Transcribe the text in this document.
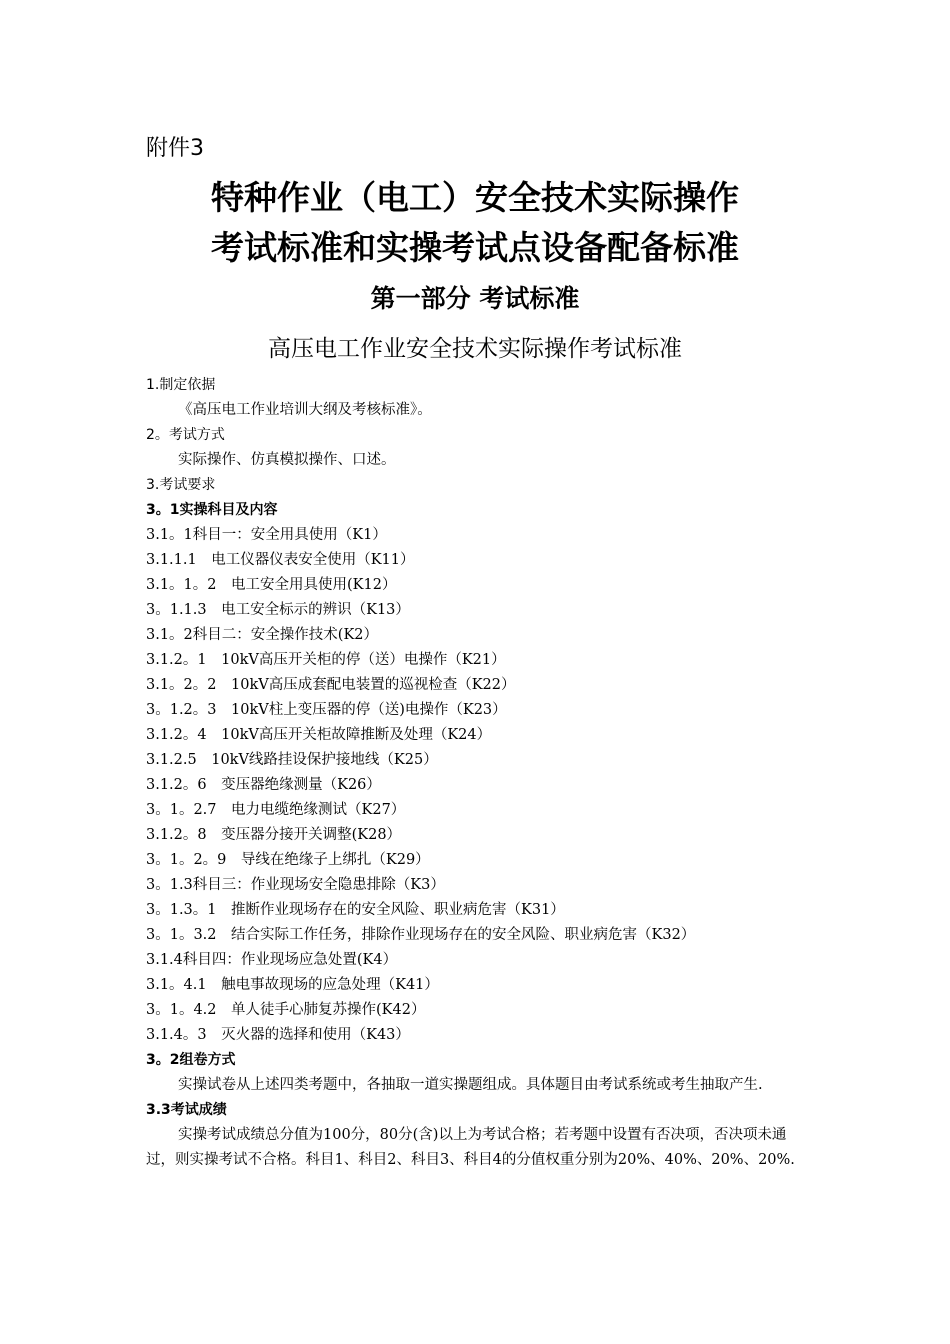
附件3
特种作业（电工）安全技术实际操作
考试标准和实操考试点设备配备标准
第一部分 考试标准
高压电工作业安全技术实际操作考试标准
1.制定依据
《高压电工作业培训大纲及考核标准》。
2。考试方式
实际操作、仿真模拟操作、口述。
3.考试要求
3。1实操科目及内容
3.1。1科目一：安全用具使用（K1）
3.1.1.1　电工仪器仪表安全使用（K11）
3.1。1。2　电工安全用具使用(K12）
3。1.1.3　电工安全标示的辨识（K13）
3.1。2科目二：安全操作技术(K2）
3.1.2。1　10kV高压开关柜的停（送）电操作（K21）
3.1。2。2　10kV高压成套配电装置的巡视检查（K22）
3。1.2。3　10kV柱上变压器的停（送)电操作（K23）
3.1.2。4　10kV高压开关柜故障推断及处理（K24）
3.1.2.5　10kV线路挂设保护接地线（K25）
3.1.2。6　变压器绝缘测量（K26）
3。1。2.7　电力电缆绝缘测试（K27）
3.1.2。8　变压器分接开关调整(K28）
3。1。2。9　导线在绝缘子上绑扎（K29）
3。1.3科目三：作业现场安全隐患排除（K3）
3。1.3。1　推断作业现场存在的安全风险、职业病危害（K31）
3。1。3.2　结合实际工作任务，排除作业现场存在的安全风险、职业病危害（K32）
3.1.4科目四：作业现场应急处置(K4）
3.1。4.1　触电事故现场的应急处理（K41）
3。1。4.2　单人徒手心肺复苏操作(K42）
3.1.4。3　灭火器的选择和使用（K43）
3。2组卷方式

实操试卷从上述四类考题中，各抽取一道实操题组成。具体题目由考试系统或考生抽取产生.

3.3考试成绩

实操考试成绩总分值为100分，80分(含)以上为考试合格；若考题中设置有否决项，否决项未通过，则实操考试不合格。科目1、科目2、科目3、科目4的分值权重分别为20%、40%、20%、20%.
